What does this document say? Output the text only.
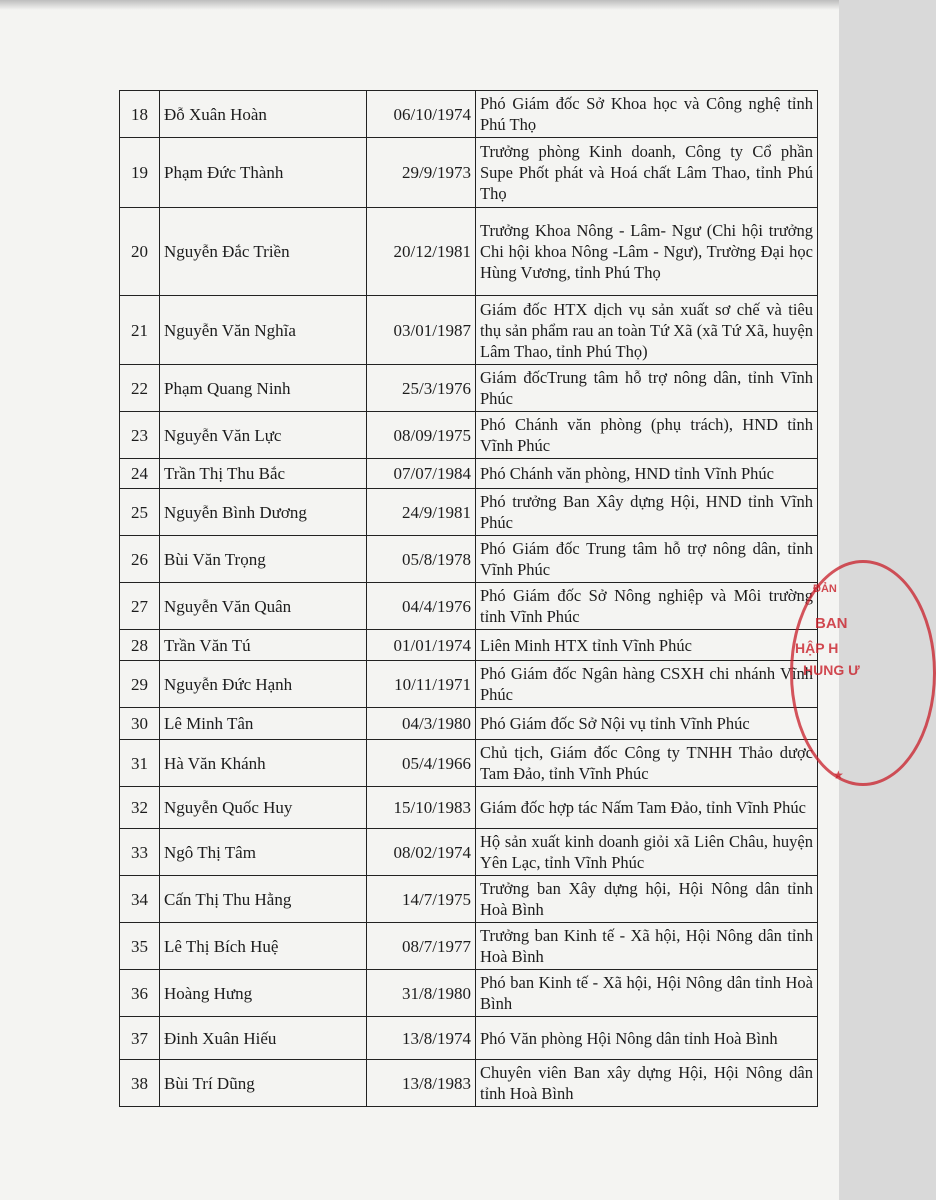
18	Đỗ Xuân Hoàn	06/10/1974	Phó Giám đốc Sở Khoa học và Công nghệ tỉnh Phú Thọ
19	Phạm Đức Thành	29/9/1973	Trưởng phòng Kinh doanh, Công ty Cổ phần Supe Phốt phát và Hoá chất Lâm Thao, tỉnh Phú Thọ
20	Nguyễn Đắc Triền	20/12/1981	Trưởng Khoa Nông - Lâm- Ngư (Chi hội trưởng Chi hội khoa Nông -Lâm - Ngư), Trường Đại học Hùng Vương, tỉnh Phú Thọ
21	Nguyễn Văn Nghĩa	03/01/1987	Giám đốc HTX dịch vụ sản xuất sơ chế và tiêu thụ sản phẩm rau an toàn Tứ Xã (xã Tứ Xã, huyện Lâm Thao, tỉnh Phú Thọ)
22	Phạm Quang Ninh	25/3/1976	Giám đốcTrung tâm hỗ trợ nông dân, tỉnh Vĩnh Phúc
23	Nguyễn Văn Lực	08/09/1975	Phó Chánh văn phòng (phụ trách), HND tỉnh Vĩnh Phúc
24	Trần Thị Thu Bắc	07/07/1984	Phó Chánh văn phòng, HND tỉnh Vĩnh Phúc
25	Nguyễn Bình Dương	24/9/1981	Phó trưởng Ban Xây dựng Hội, HND tỉnh Vĩnh Phúc
26	Bùi Văn Trọng	05/8/1978	Phó Giám đốc Trung tâm hỗ trợ nông dân, tỉnh Vĩnh Phúc
27	Nguyễn Văn Quân	04/4/1976	Phó Giám đốc Sở Nông nghiệp và Môi trường tỉnh Vĩnh Phúc
28	Trần Văn Tú	01/01/1974	Liên Minh HTX tỉnh Vĩnh Phúc
29	Nguyễn Đức Hạnh	10/11/1971	Phó Giám đốc Ngân hàng CSXH chi nhánh Vĩnh Phúc
30	Lê Minh Tân	04/3/1980	Phó Giám đốc Sở Nội vụ tỉnh Vĩnh Phúc
31	Hà Văn Khánh	05/4/1966	Chủ tịch, Giám đốc Công ty TNHH Thảo dược Tam Đảo, tỉnh Vĩnh Phúc
32	Nguyễn Quốc Huy	15/10/1983	Giám đốc hợp tác Nấm Tam Đảo, tỉnh Vĩnh Phúc
33	Ngô Thị Tâm	08/02/1974	Hộ sản xuất kinh doanh giỏi xã Liên Châu, huyện Yên Lạc, tỉnh Vĩnh Phúc
34	Cấn Thị Thu Hằng	14/7/1975	Trưởng ban Xây dựng hội, Hội Nông dân tỉnh Hoà Bình
35	Lê Thị Bích Huệ	08/7/1977	Trưởng ban Kinh tế - Xã hội, Hội Nông dân tỉnh Hoà Bình
36	Hoàng Hưng	31/8/1980	Phó ban Kinh tế - Xã hội, Hội Nông dân tỉnh Hoà Bình
37	Đinh Xuân Hiếu	13/8/1974	Phó Văn phòng Hội Nông dân tỉnh Hoà Bình
38	Bùi Trí Dũng	13/8/1983	Chuyên viên Ban xây dựng Hội, Hội Nông dân tỉnh Hoà Bình
ĐẢN
BAN
HẬP H
HUNG Ư
★
